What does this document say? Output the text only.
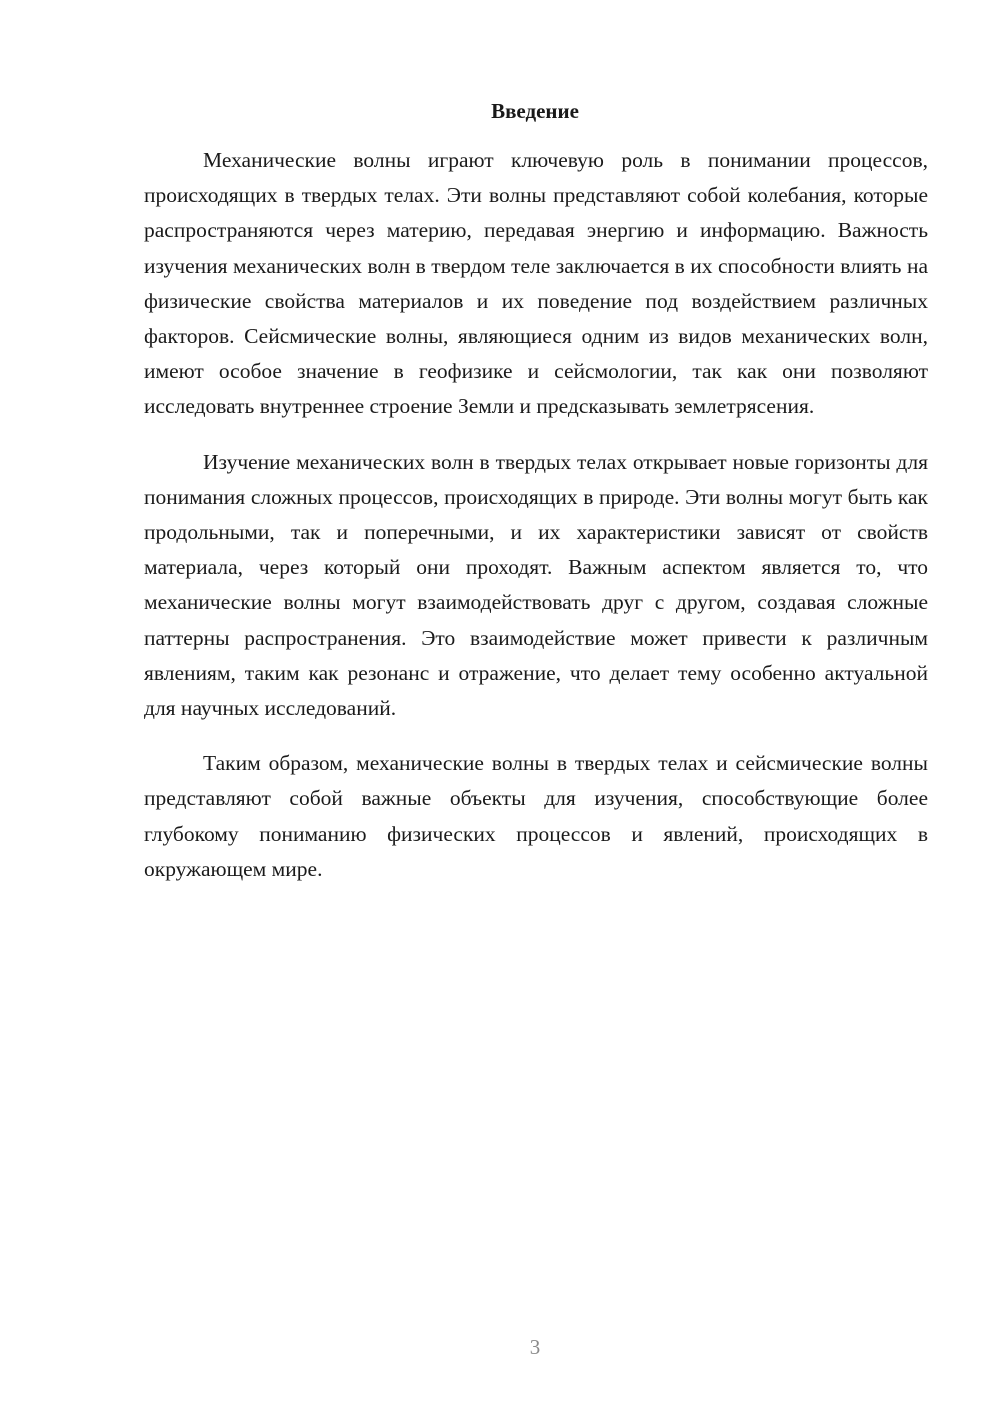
Введение

Механические волны играют ключевую роль в понимании процессов, происходящих в твердых телах. Эти волны представляют собой колебания, которые распространяются через материю, передавая энергию и информацию. Важность изучения механических волн в твердом теле заключается в их способности влиять на физические свойства материалов и их поведение под воздействием различных факторов. Сейсмические волны, являющиеся одним из видов механических волн, имеют особое значение в геофизике и сейсмологии, так как они позволяют исследовать внутреннее строение Земли и предсказывать землетрясения.

Изучение механических волн в твердых телах открывает новые горизонты для понимания сложных процессов, происходящих в природе. Эти волны могут быть как продольными, так и поперечными, и их характеристики зависят от свойств материала, через который они проходят. Важным аспектом является то, что механические волны могут взаимодействовать друг с другом, создавая сложные паттерны распространения. Это взаимодействие может привести к различным явлениям, таким как резонанс и отражение, что делает тему особенно актуальной для научных исследований.

Таким образом, механические волны в твердых телах и сейсмические волны представляют собой важные объекты для изучения, способствующие более глубокому пониманию физических процессов и явлений, происходящих в окружающем мире.

3
